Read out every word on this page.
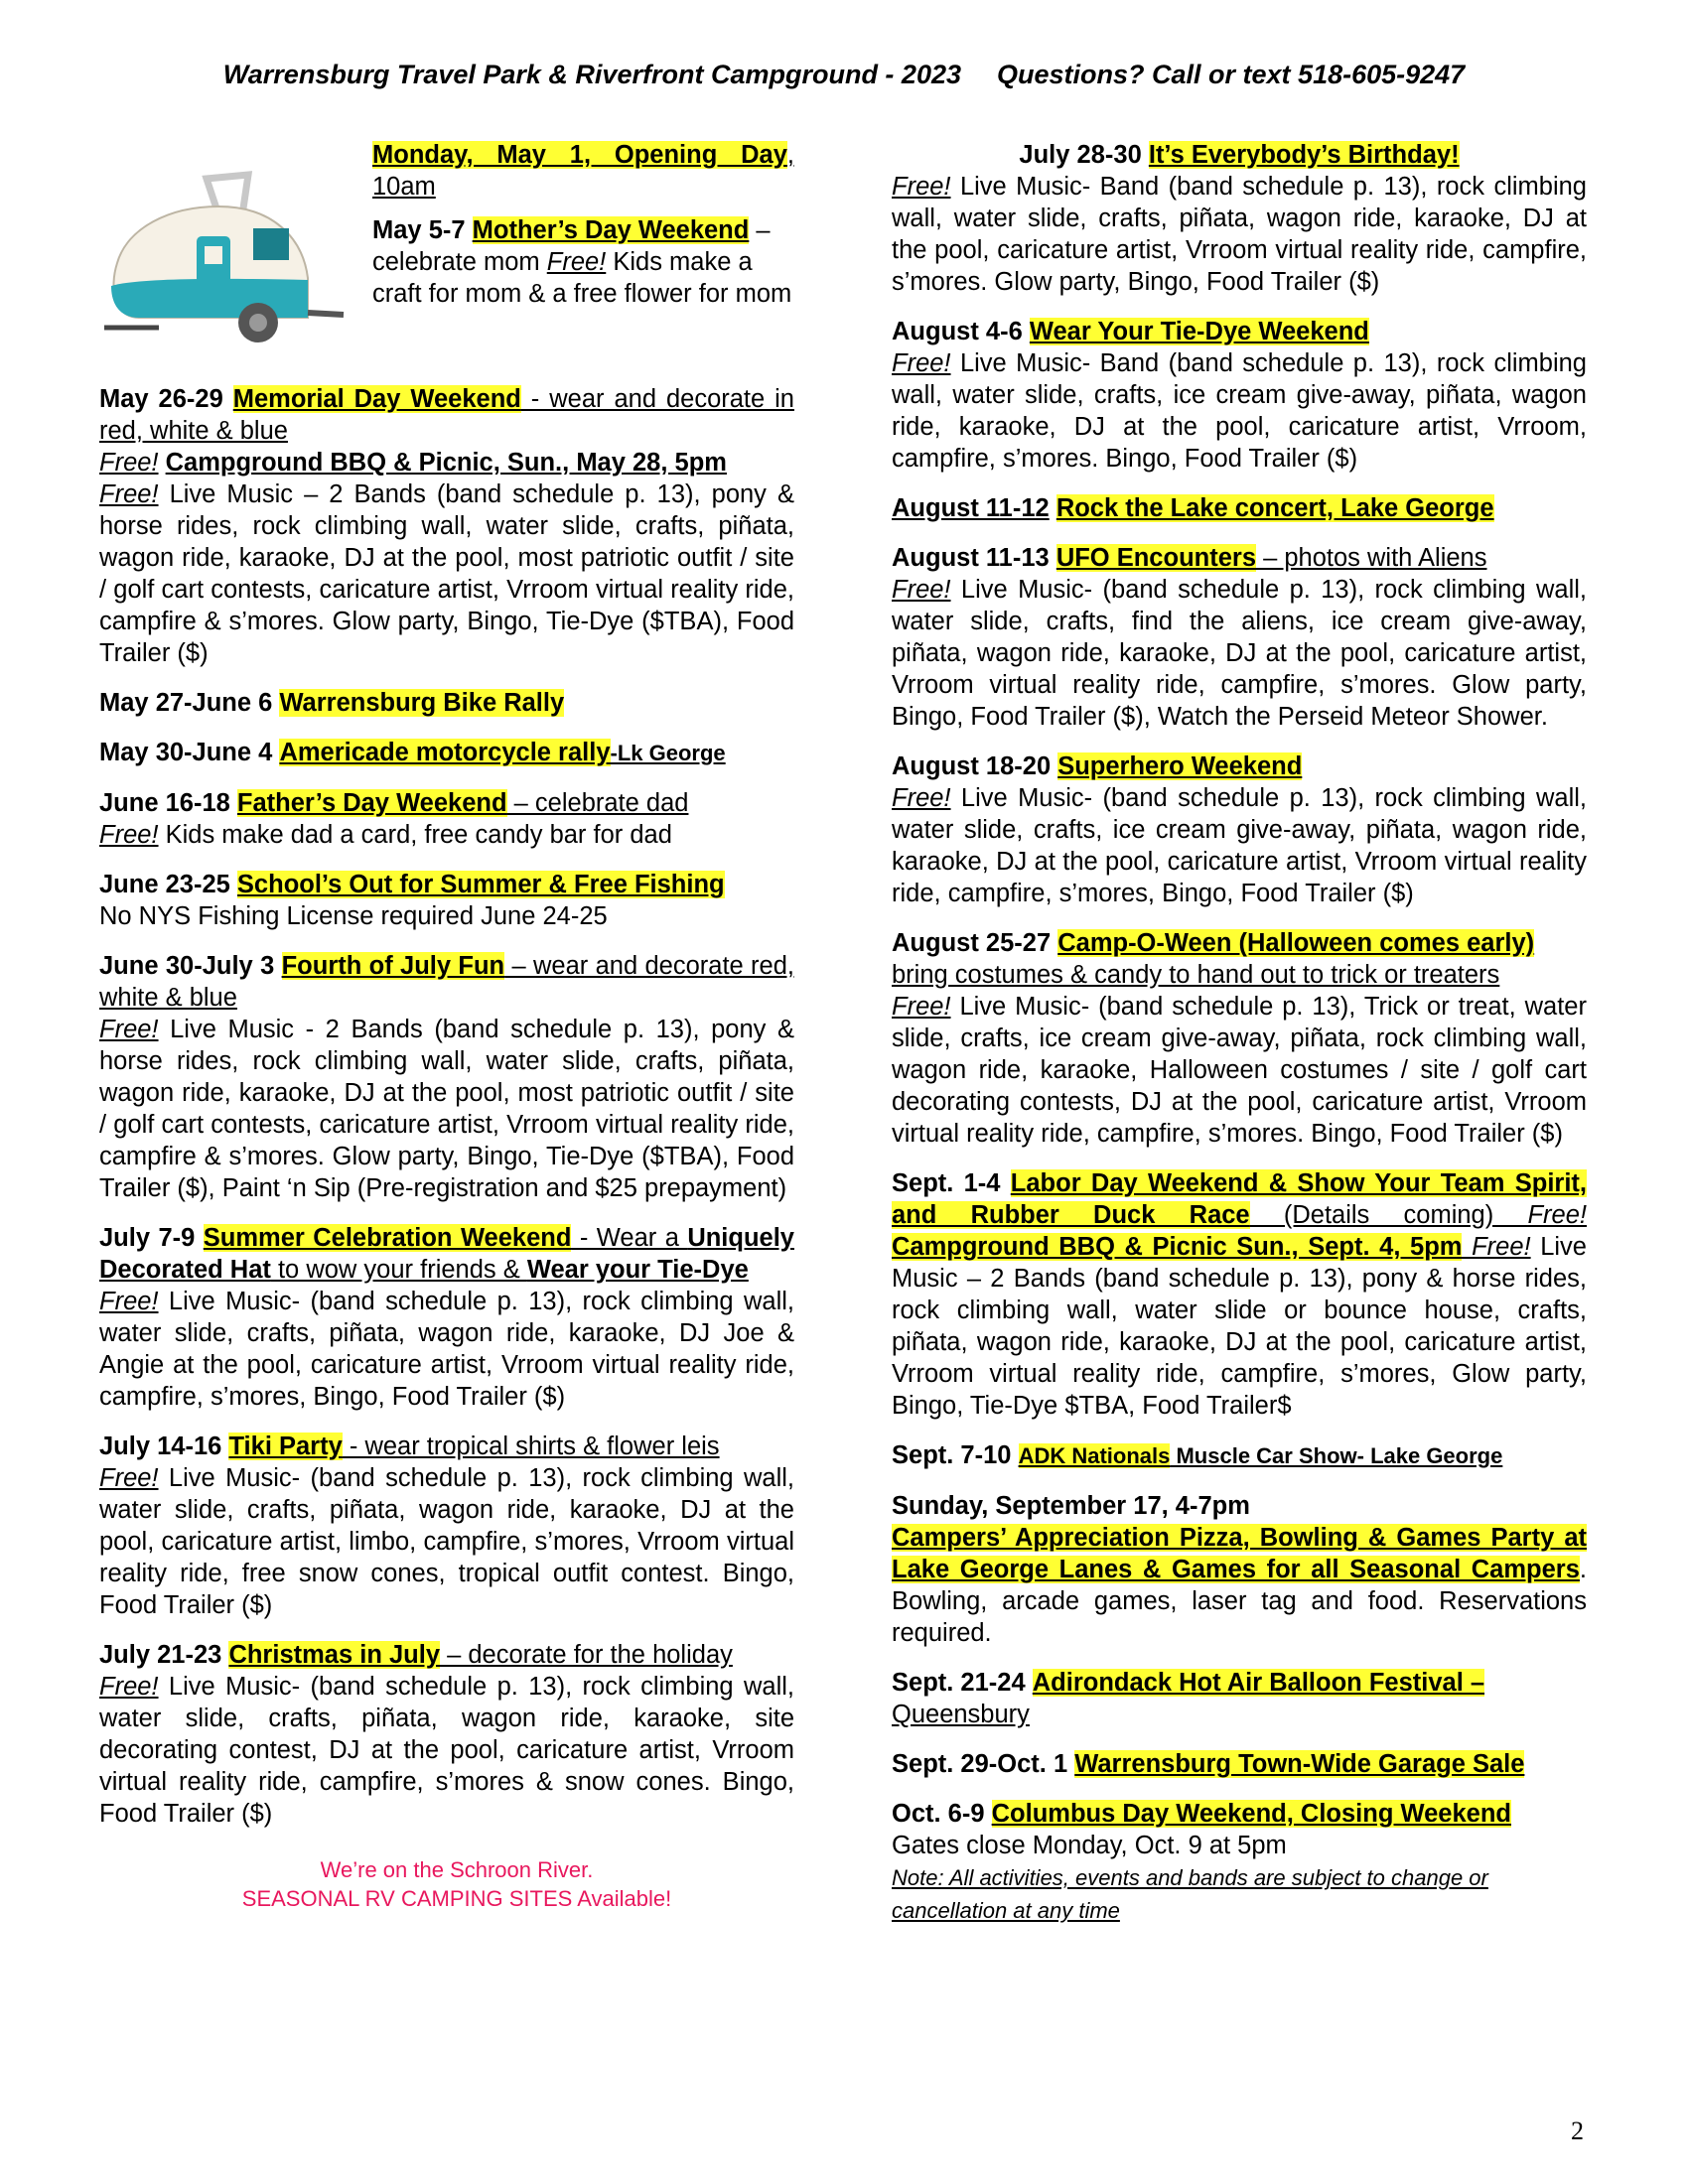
Warrensburg Travel Park & Riverfront Campground - 2023 Questions? Call or text 518-605-9247
Monday, May 1, Opening Day, 10am
May 5-7 Mother’s Day Weekend – celebrate mom Free! Kids make a craft for mom & a free flower for mom
May 26-29 Memorial Day Weekend - wear and decorate in red, white & blue
Free! Campground BBQ & Picnic, Sun., May 28, 5pm
Free! Live Music – 2 Bands (band schedule p. 13), pony & horse rides, rock climbing wall, water slide, crafts, piñata, wagon ride, karaoke, DJ at the pool, most patriotic outfit / site / golf cart contests, caricature artist, Vrroom virtual reality ride, campfire & s’mores. Glow party, Bingo, Tie-Dye ($TBA), Food Trailer ($)
May 27-June 6 Warrensburg Bike Rally
May 30-June 4 Americade motorcycle rally-Lk George
June 16-18 Father’s Day Weekend – celebrate dad
Free! Kids make dad a card, free candy bar for dad
June 23-25 School’s Out for Summer & Free Fishing
No NYS Fishing License required June 24-25
June 30-July 3 Fourth of July Fun – wear and decorate red, white & blue
Free! Live Music - 2 Bands (band schedule p. 13), pony & horse rides, rock climbing wall, water slide, crafts, piñata, wagon ride, karaoke, DJ at the pool, most patriotic outfit / site / golf cart contests, caricature artist, Vrroom virtual reality ride, campfire & s’mores. Glow party, Bingo, Tie-Dye ($TBA), Food Trailer ($), Paint ‘n Sip (Pre-registration and $25 prepayment)
July 7-9 Summer Celebration Weekend - Wear a Uniquely Decorated Hat to wow your friends & Wear your Tie-Dye
Free! Live Music- (band schedule p. 13), rock climbing wall, water slide, crafts, piñata, wagon ride, karaoke, DJ Joe & Angie at the pool, caricature artist, Vrroom virtual reality ride, campfire, s’mores, Bingo, Food Trailer ($)
July 14-16 Tiki Party - wear tropical shirts & flower leis
Free! Live Music- (band schedule p. 13), rock climbing wall, water slide, crafts, piñata, wagon ride, karaoke, DJ at the pool, caricature artist, limbo, campfire, s’mores, Vrroom virtual reality ride, free snow cones, tropical outfit contest. Bingo, Food Trailer ($)
July 21-23 Christmas in July – decorate for the holiday
Free! Live Music- (band schedule p. 13), rock climbing wall, water slide, crafts, piñata, wagon ride, karaoke, site decorating contest, DJ at the pool, caricature artist, Vrroom virtual reality ride, campfire, s’mores & snow cones. Bingo, Food Trailer ($)
We’re on the Schroon River.
SEASONAL RV CAMPING SITES Available!
July 28-30 It’s Everybody’s Birthday!
Free! Live Music- Band (band schedule p. 13), rock climbing wall, water slide, crafts, piñata, wagon ride, karaoke, DJ at the pool, caricature artist, Vrroom virtual reality ride, campfire, s’mores. Glow party, Bingo, Food Trailer ($)
August 4-6 Wear Your Tie-Dye Weekend
Free! Live Music- Band (band schedule p. 13), rock climbing wall, water slide, crafts, ice cream give-away, piñata, wagon ride, karaoke, DJ at the pool, caricature artist, Vrroom, campfire, s’mores. Bingo, Food Trailer ($)
August 11-12 Rock the Lake concert, Lake George
August 11-13 UFO Encounters – photos with Aliens
Free! Live Music- (band schedule p. 13), rock climbing wall, water slide, crafts, find the aliens, ice cream give-away, piñata, wagon ride, karaoke, DJ at the pool, caricature artist, Vrroom virtual reality ride, campfire, s’mores. Glow party, Bingo, Food Trailer ($), Watch the Perseid Meteor Shower.
August 18-20 Superhero Weekend
Free! Live Music- (band schedule p. 13), rock climbing wall, water slide, crafts, ice cream give-away, piñata, wagon ride, karaoke, DJ at the pool, caricature artist, Vrroom virtual reality ride, campfire, s’mores, Bingo, Food Trailer ($)
August 25-27 Camp-O-Ween (Halloween comes early)
bring costumes & candy to hand out to trick or treaters
Free! Live Music- (band schedule p. 13), Trick or treat, water slide, crafts, ice cream give-away, piñata, rock climbing wall, wagon ride, karaoke, Halloween costumes / site / golf cart decorating contests, DJ at the pool, caricature artist, Vrroom virtual reality ride, campfire, s’mores. Bingo, Food Trailer ($)
Sept. 1-4 Labor Day Weekend & Show Your Team Spirit, and Rubber Duck Race (Details coming) Free! Campground BBQ & Picnic Sun., Sept. 4, 5pm Free! Live Music – 2 Bands (band schedule p. 13), pony & horse rides, rock climbing wall, water slide or bounce house, crafts, piñata, wagon ride, karaoke, DJ at the pool, caricature artist, Vrroom virtual reality ride, campfire, s’mores, Glow party, Bingo, Tie-Dye $TBA, Food Trailer$
Sept. 7-10 ADK Nationals Muscle Car Show- Lake George
Sunday, September 17, 4-7pm
Campers’ Appreciation Pizza, Bowling & Games Party at Lake George Lanes & Games for all Seasonal Campers. Bowling, arcade games, laser tag and food. Reservations required.
Sept. 21-24 Adirondack Hot Air Balloon Festival –
Queensbury
Sept. 29-Oct. 1 Warrensburg Town-Wide Garage Sale
Oct. 6-9 Columbus Day Weekend, Closing Weekend
Gates close Monday, Oct. 9 at 5pm
Note: All activities, events and bands are subject to change or cancellation at any time
2
